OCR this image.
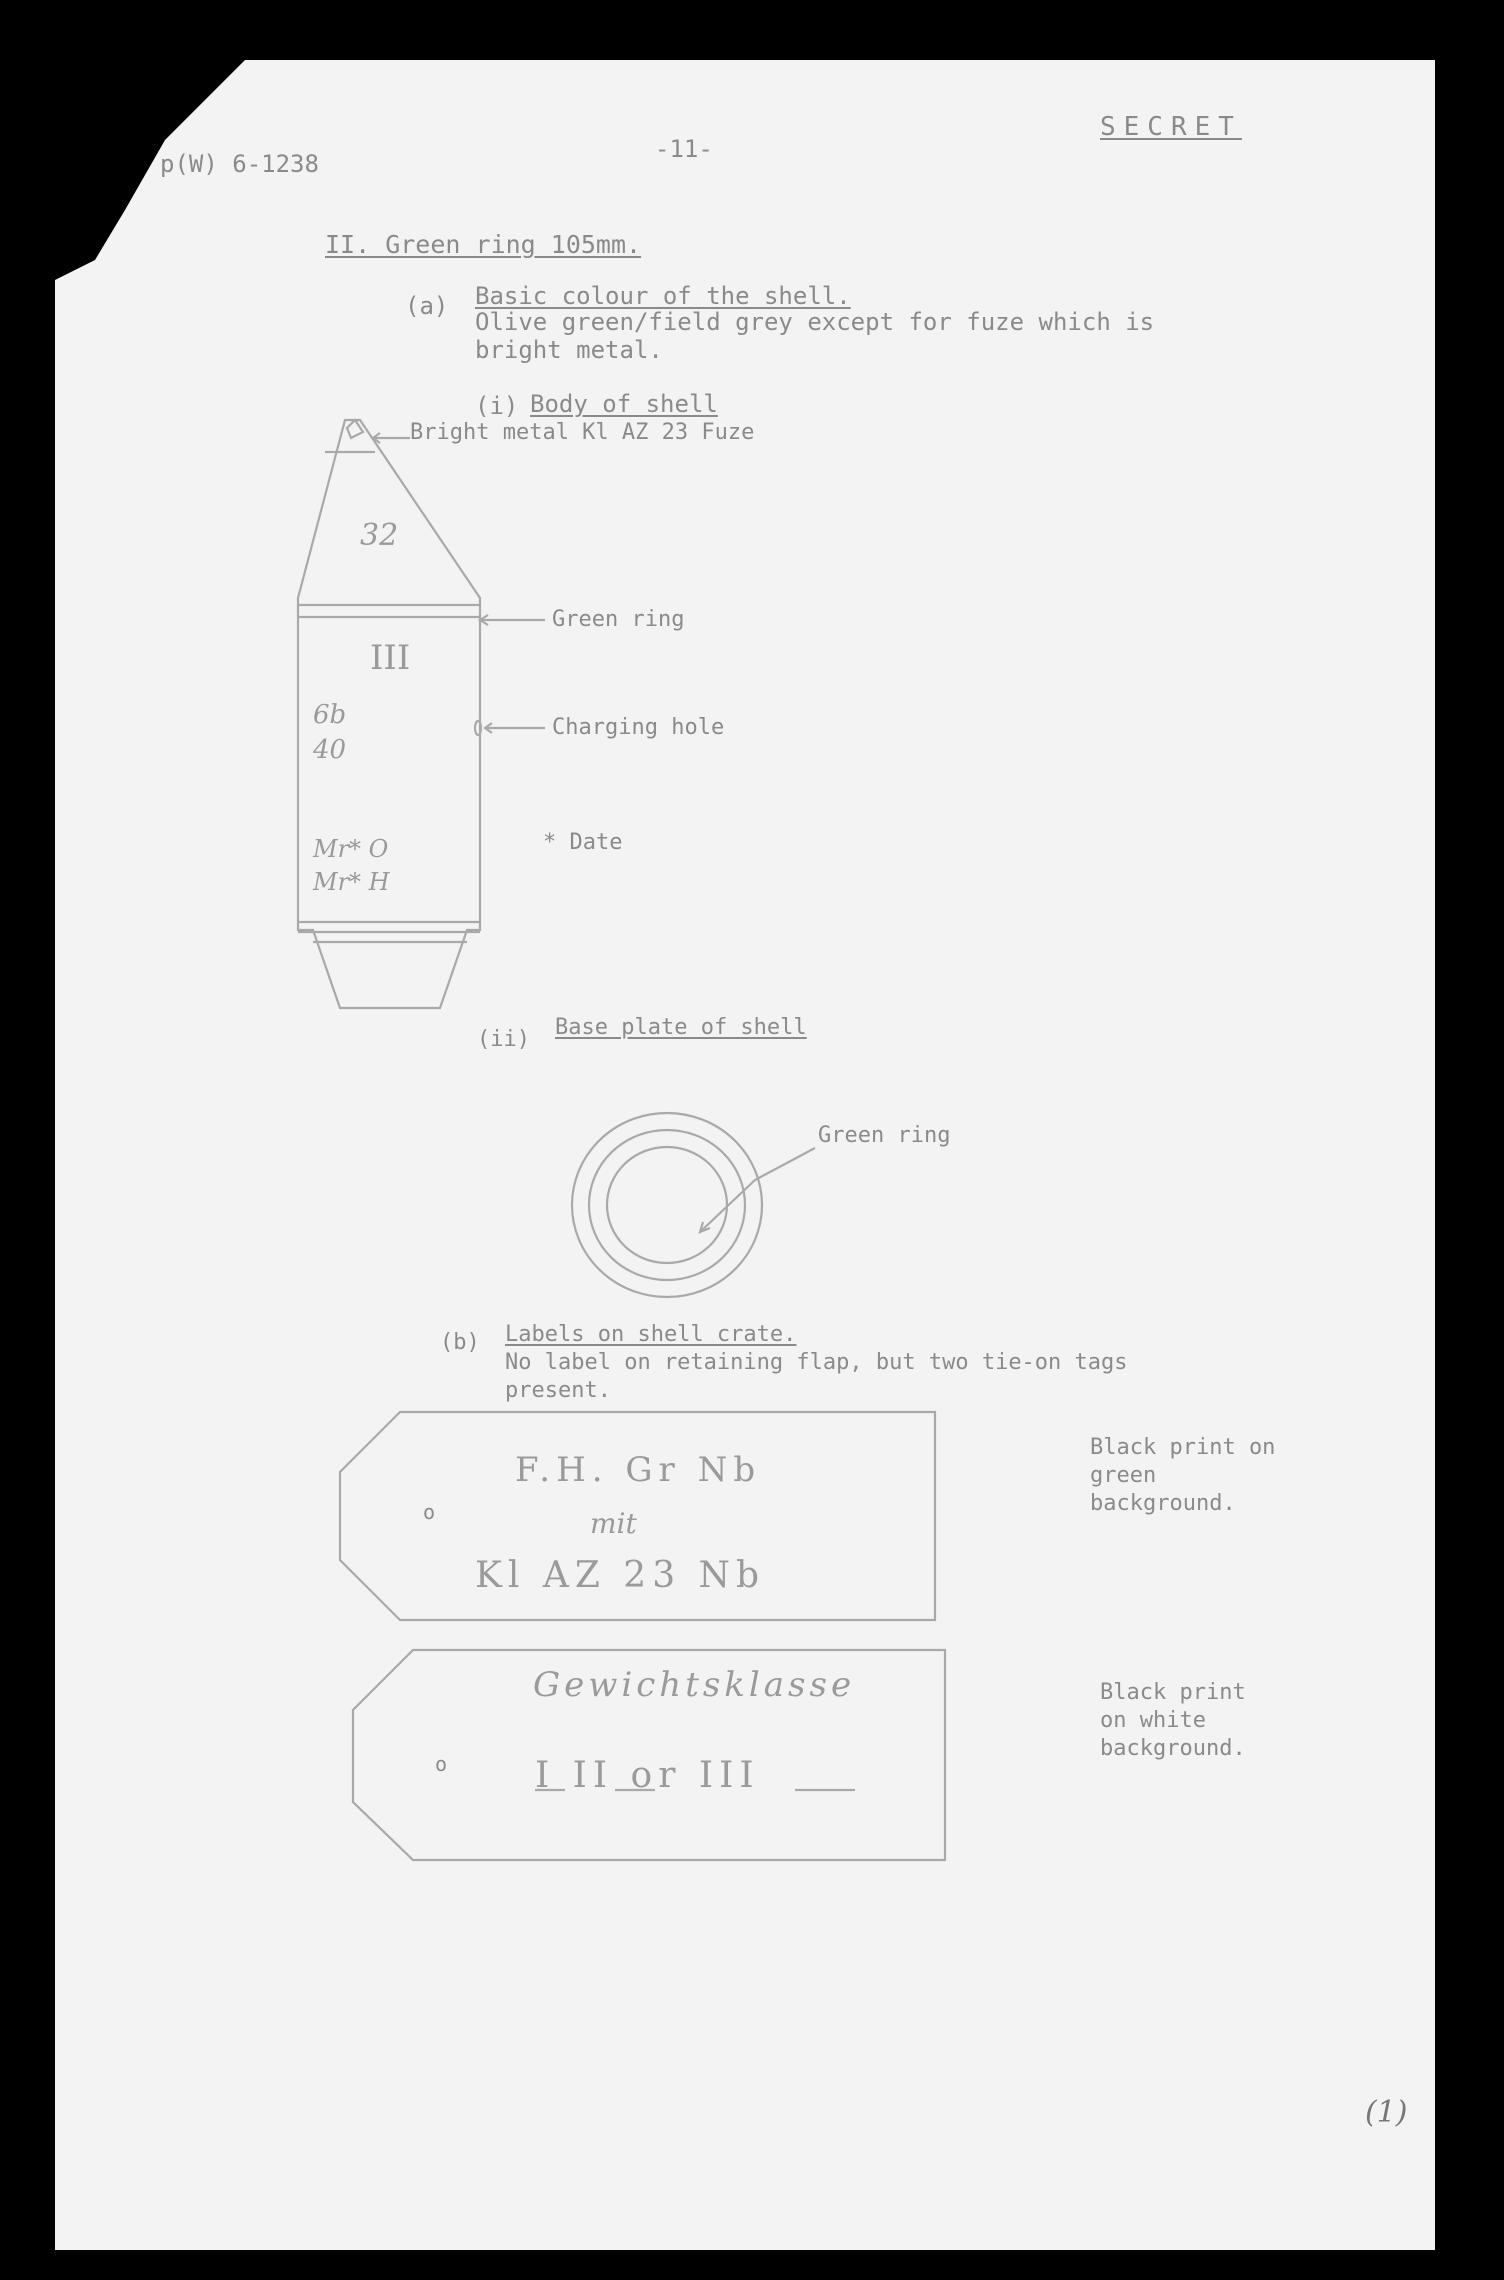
p(W) 6-1238
-11-
SECRET
II. Green ring 105mm.
(a) Basic colour of the shell.
Olive green/field grey except for fuze which is
bright metal.
(i) Body of shell
Bright metal Kl AZ 23 Fuze
Green ring
Charging hole
* Date
32
III
6b
40
Mr* O
Mr* H
(ii) Base plate of shell
Green ring
(b) Labels on shell crate.
No label on retaining flap, but two tie-on tags
present.
o
F.H. Gr Nb
mit
Kl AZ 23 Nb
Black print on
green
background.
o
Gewichtsklasse
I II or III
Black print
on white
background.
(1)
